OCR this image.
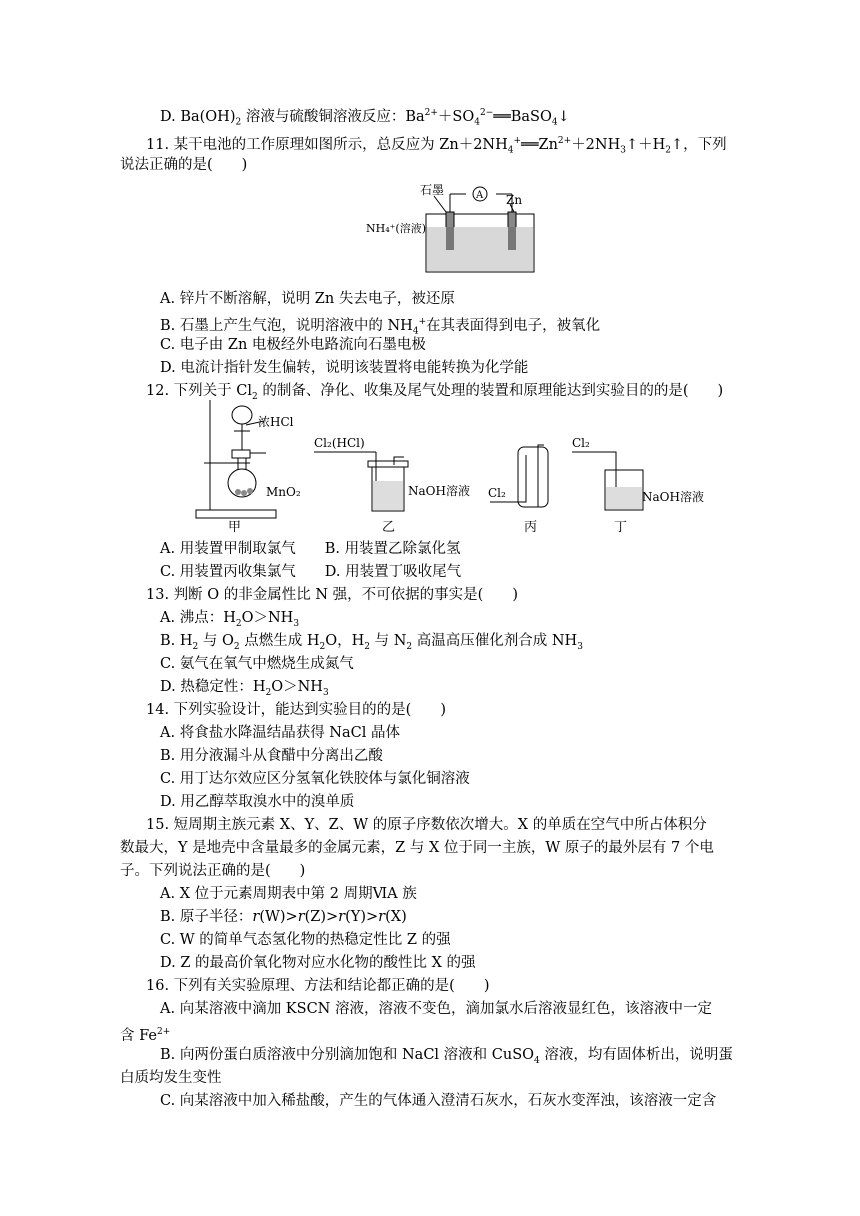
D. $Ba(OH)_2$ 溶液与硫酸铜溶液反应：$Ba^{2+}+SO_4^{2-}══BaSO_4↓$
11. 某干电池的工作原理如图所示，总反应为 $Zn+2NH_4^+══Zn^{2+}+2NH_3↑+H_2↑$，下列
说法正确的是(　　)
A
石墨
Zn
NH₄⁺(溶液)
A. 锌片不断溶解，说明 Zn 失去电子，被还原
B. 石墨上产生气泡，说明溶液中的 $NH_4^+$在其表面得到电子，被氧化
C. 电子由 Zn 电极经外电路流向石墨电极
D. 电流计指针发生偏转，说明该装置将电能转换为化学能
12. 下列关于 $Cl_2$ 的制备、净化、收集及尾气处理的装置和原理能达到实验目的的是(　　)
浓HCl
MnO₂
Cl₂(HCl)
NaOH溶液 Cl₂
Cl₂
NaOH溶液
甲	乙	丙	丁
A. 用装置甲制取氯气　　B. 用装置乙除氯化氢
C. 用装置丙收集氯气　　D. 用装置丁吸收尾气
13. 判断 O 的非金属性比 N 强，不可依据的事实是(　　)
A. 沸点：$H_2O>NH_3$
B. $H_2$ 与 $O_2$ 点燃生成 $H_2O$，$H_2$ 与 $N_2$ 高温高压催化剂合成 $NH_3$
C. 氨气在氧气中燃烧生成氮气
D. 热稳定性：$H_2O>NH_3$
14. 下列实验设计，能达到实验目的的是(　　)
A. 将食盐水降温结晶获得 NaCl 晶体
B. 用分液漏斗从食醋中分离出乙酸
C. 用丁达尔效应区分氢氧化铁胶体与氯化铜溶液
D. 用乙醇萃取溴水中的溴单质
15. 短周期主族元素 X、Y、Z、W 的原子序数依次增大。X 的单质在空气中所占体积分
数最大，Y 是地壳中含量最多的金属元素，Z 与 X 位于同一主族，W 原子的最外层有 7 个电
子。下列说法正确的是(　　)
A. X 位于元素周期表中第 2 周期ⅥA 族
B. 原子半径：r(W)>r(Z)>r(Y)>r(X)
C. W 的简单气态氢化物的热稳定性比 Z 的强
D. Z 的最高价氧化物对应水化物的酸性比 X 的强
16. 下列有关实验原理、方法和结论都正确的是(　　)
A. 向某溶液中滴加 KSCN 溶液，溶液不变色，滴加氯水后溶液显红色，该溶液中一定
含 $Fe^{2+}$
B. 向两份蛋白质溶液中分别滴加饱和 NaCl 溶液和 CuSO$_4$ 溶液，均有固体析出，说明蛋
白质均发生变性
C. 向某溶液中加入稀盐酸，产生的气体通入澄清石灰水，石灰水变浑浊，该溶液一定含
